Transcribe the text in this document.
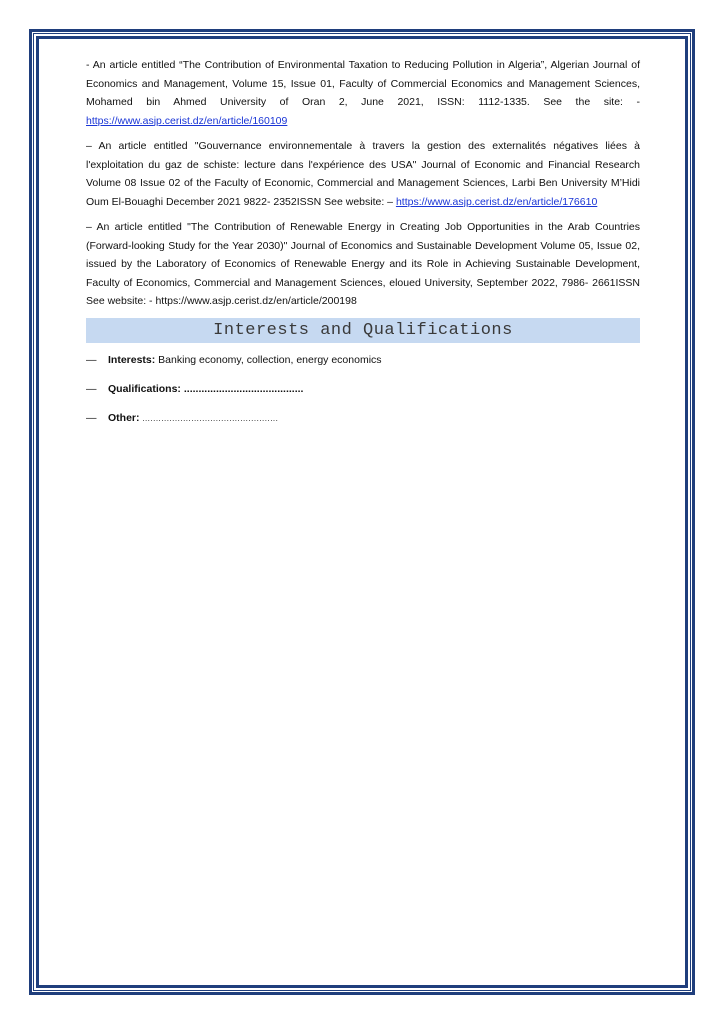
- An article entitled “The Contribution of Environmental Taxation to Reducing Pollution in Algeria”, Algerian Journal of Economics and Management, Volume 15, Issue 01, Faculty of Commercial Economics and Management Sciences, Mohamed bin Ahmed University of Oran 2, June 2021, ISSN: 1112-1335. See the site: - https://www.asjp.cerist.dz/en/article/160109

– An article entitled "Gouvernance environnementale à travers la gestion des externalités négatives liées à l'exploitation du gaz de schiste: lecture dans l'expérience des USA" Journal of Economic and Financial Research Volume 08 Issue 02 of the Faculty of Economic, Commercial and Management Sciences, Larbi Ben University M’Hidi Oum El-Bouaghi December 2021 9822- 2352ISSN See website: – https://www.asjp.cerist.dz/en/article/176610

– An article entitled "The Contribution of Renewable Energy in Creating Job Opportunities in the Arab Countries (Forward-looking Study for the Year 2030)" Journal of Economics and Sustainable Development Volume 05, Issue 02, issued by the Laboratory of Economics of Renewable Energy and its Role in Achieving Sustainable Development, Faculty of Economics, Commercial and Management Sciences, eloued University, September 2022, 7986- 2661ISSN See website: - https://www.asjp.cerist.dz/en/article/200198

Interests and Qualifications
— Interests: Banking economy, collection, energy economics
— Qualifications: .........................................
— Other: ..................................................
